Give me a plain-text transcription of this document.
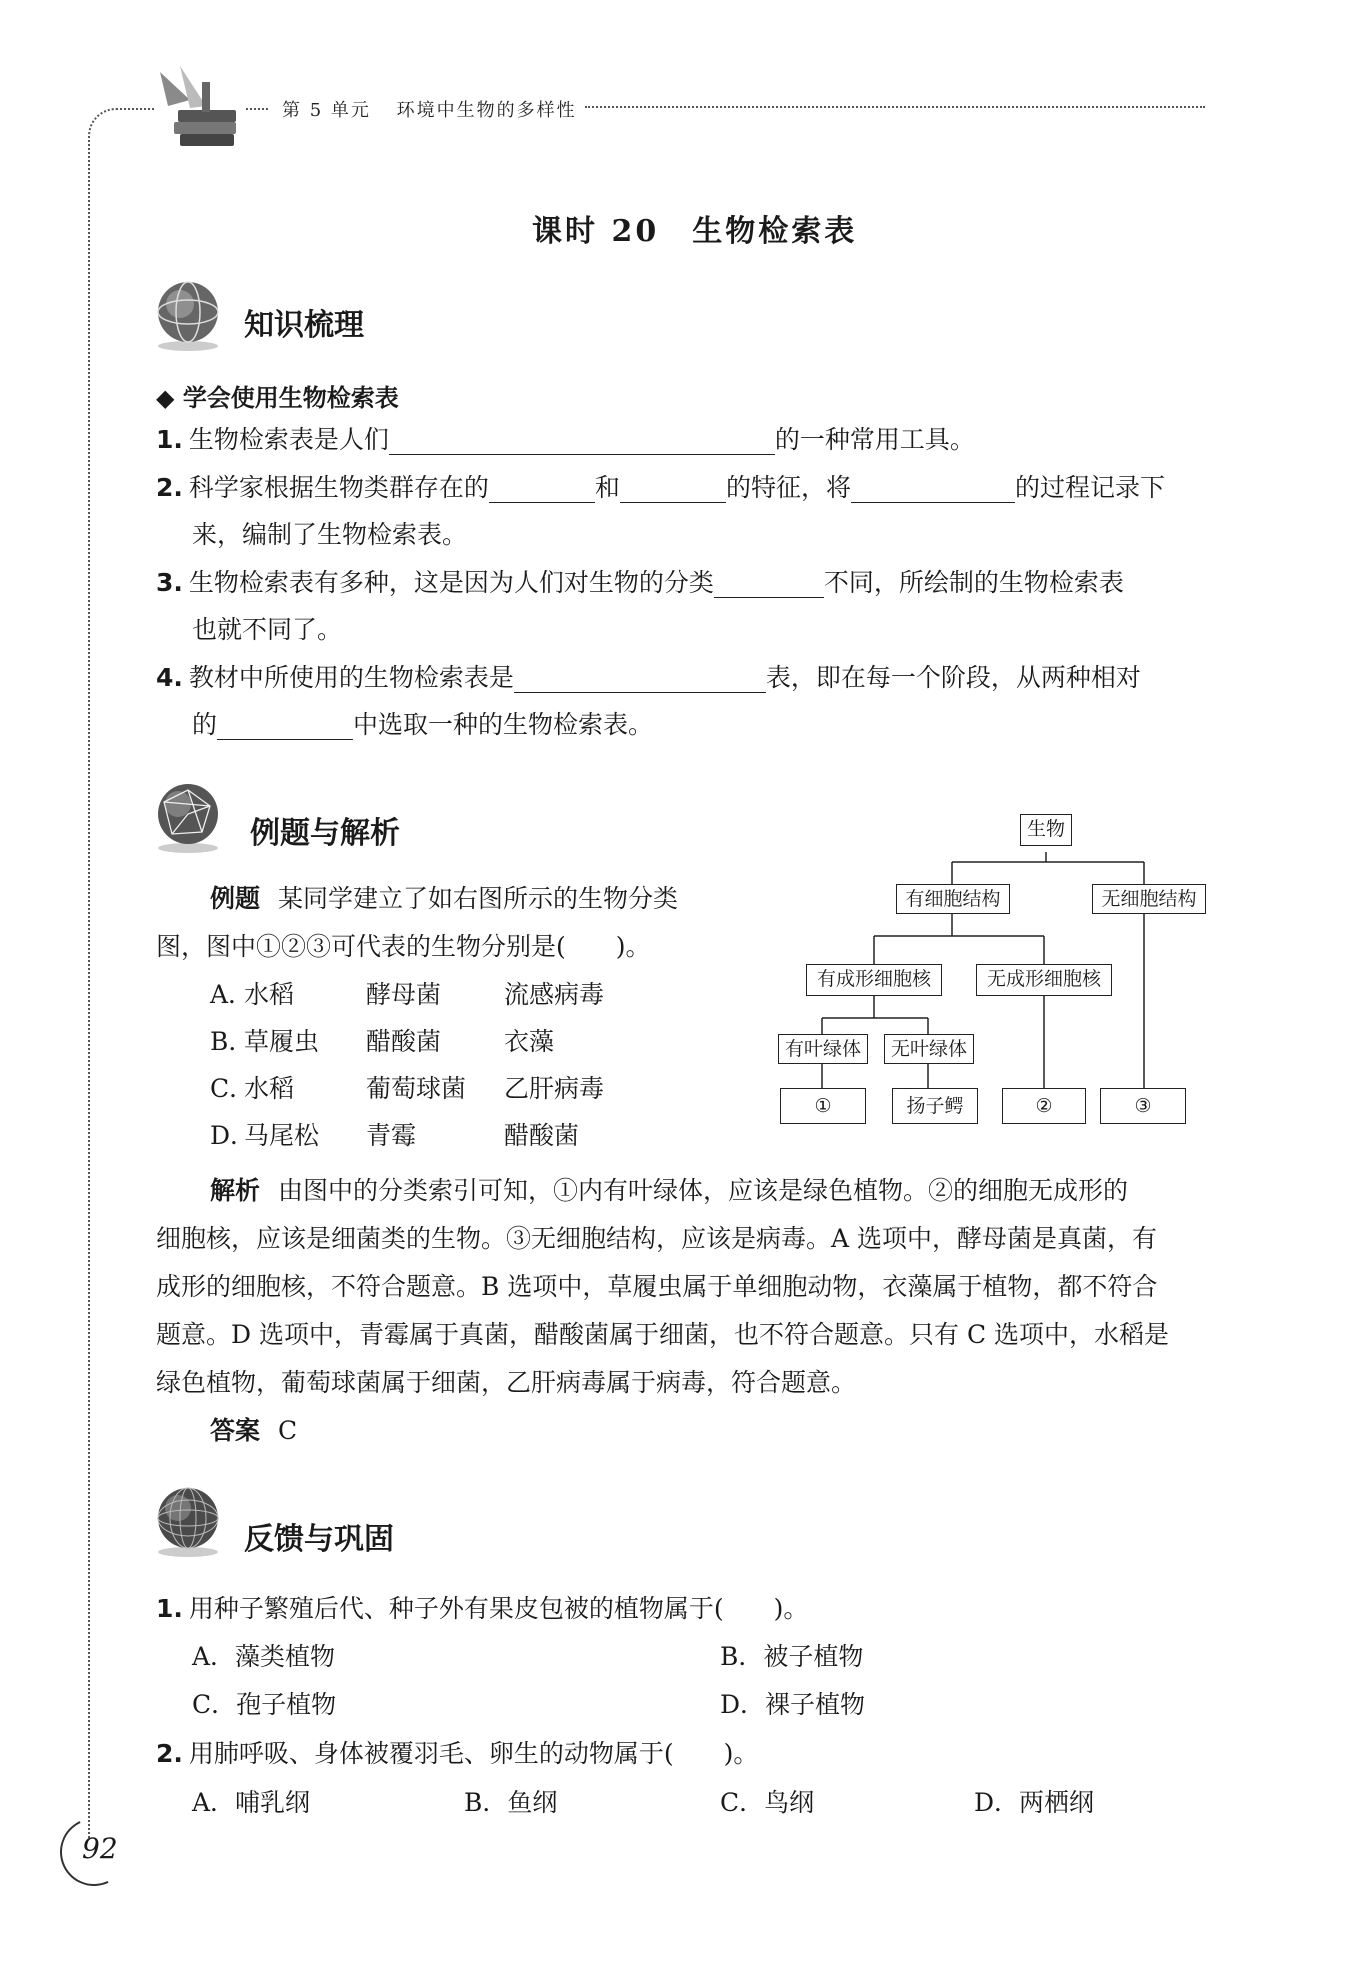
第 5 单元 环境中生物的多样性
课时 20　生物检索表
知识梳理
◆ 学会使用生物检索表
1. 生物检索表是人们	的一种常用工具。
2. 科学家根据生物类群存在的	和	的特征，将	的过程记录下
来，编制了生物检索表。
3. 生物检索表有多种，这是因为人们对生物的分类	不同，所绘制的生物检索表
也就不同了。
4. 教材中所使用的生物检索表是	表，即在每一个阶段，从两种相对
的	中选取一种的生物检索表。
例题与解析
例题 某同学建立了如右图所示的生物分类
图，图中①②③可代表的生物分别是(　　)。
A．水稻	酵母菌	流感病毒
B．草履虫 醋酸菌	衣藻
C．水稻	葡萄球菌 乙肝病毒
D．马尾松 青霉	醋酸菌
生物
有细胞结构	无细胞结构
有成形细胞核	无成形细胞核
有叶绿体	无叶绿体
①	扬子鳄	②	③
解析 由图中的分类索引可知，①内有叶绿体，应该是绿色植物。②的细胞无成形的
细胞核，应该是细菌类的生物。③无细胞结构，应该是病毒。A 选项中，酵母菌是真菌，有
成形的细胞核，不符合题意。B 选项中，草履虫属于单细胞动物，衣藻属于植物，都不符合
题意。D 选项中，青霉属于真菌，醋酸菌属于细菌，也不符合题意。只有 C 选项中，水稻是
绿色植物，葡萄球菌属于细菌，乙肝病毒属于病毒，符合题意。
答案 C
反馈与巩固
1. 用种子繁殖后代、种子外有果皮包被的植物属于(　　)。
A．藻类植物	B．被子植物
C．孢子植物	D．裸子植物
2. 用肺呼吸、身体被覆羽毛、卵生的动物属于(　　)。
A．哺乳纲	B．鱼纲	C．鸟纲	D．两栖纲
92
